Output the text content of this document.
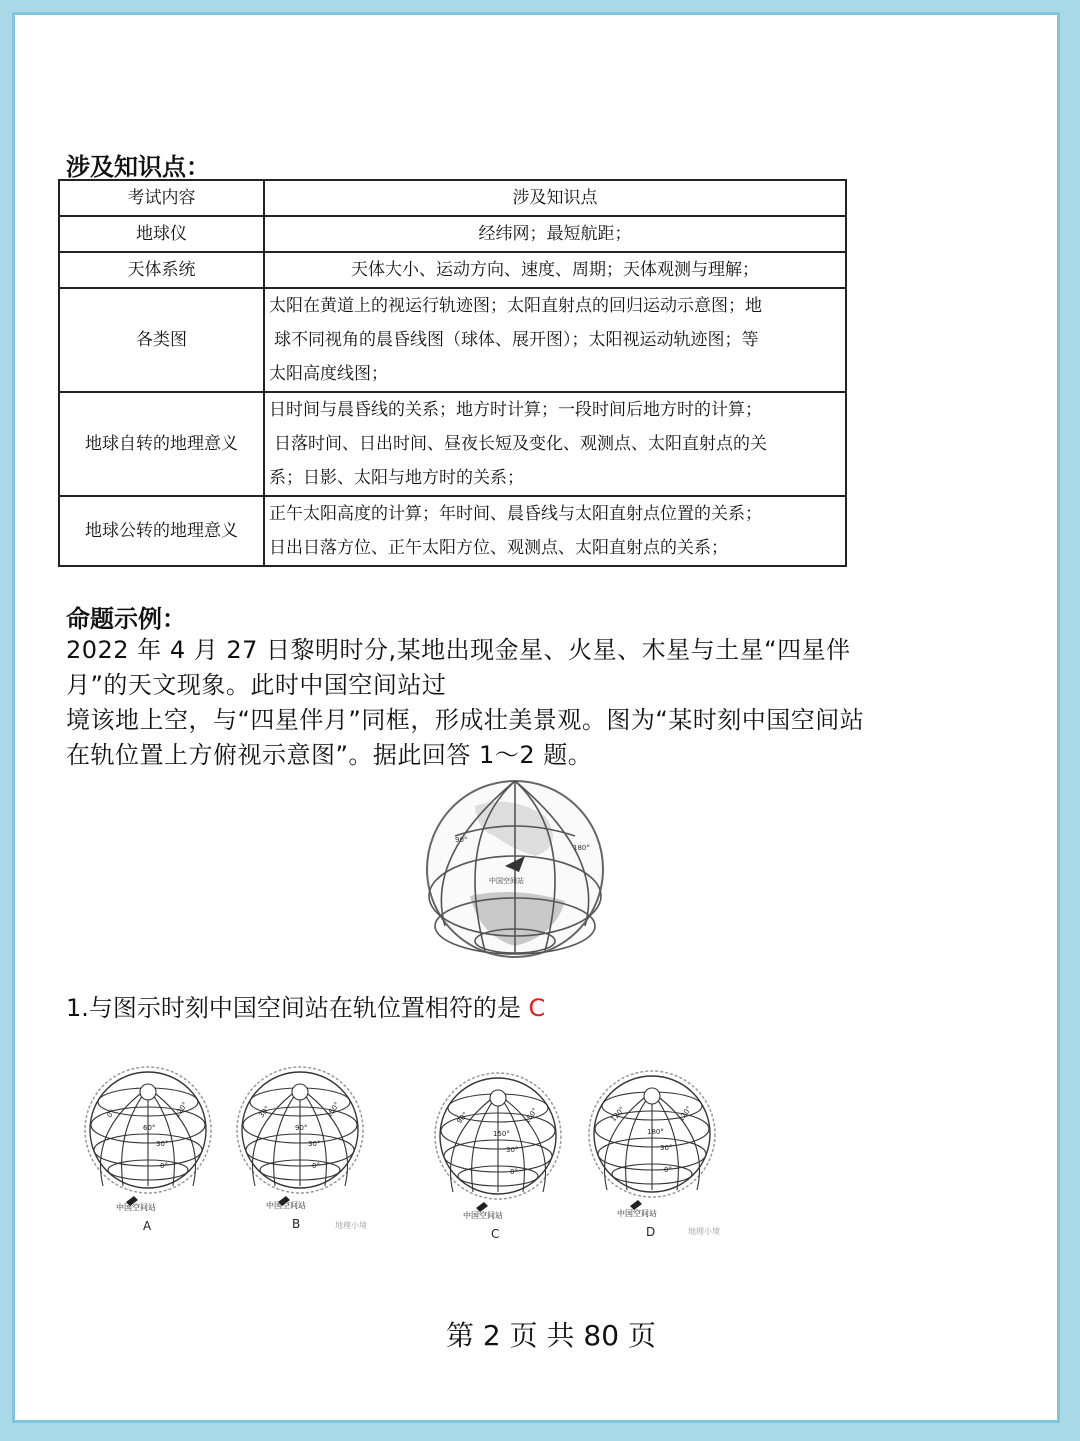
涉及知识点：
考试内容	涉及知识点
地球仪	经纬网；最短航距；
天体系统	天体大小、运动方向、速度、周期；天体观测与理解；
各类图	太阳在黄道上的视运行轨迹图；太阳直射点的回归运动示意图；地
球不同视角的晨昏线图（球体、展开图）；太阳视运动轨迹图；等
太阳高度线图；

地球自转的地理意义	日时间与晨昏线的关系；地方时计算；一段时间后地方时的计算；
日落时间、日出时间、昼夜长短及变化、观测点、太阳直射点的关
系；日影、太阳与地方时的关系；

地球公转的地理意义	正午太阳高度的计算；年时间、晨昏线与太阳直射点位置的关系；
日出日落方位、正午太阳方位、观测点、太阳直射点的关系；
命题示例：
2022 年 4 月 27 日黎明时分,某地出现金星、火星、木星与土星“四星伴
月”的天文现象。此时中国空间站过
境该地上空，与“四星伴月”同框，形成壮美景观。图为“某时刻中国空间站
在轨位置上方俯视示意图”。据此回答 1～2 题。
中国空间站
90°
180°
1.与图示时刻中国空间站在轨位置相符的是 C
0°
60°
120°
30°
0°
30°
90°
150°
30°
0°
90°
150°
150°
30°
0°
120°
180°
120°
30°
0°
中国空间站
A
中国空间站
B	地理小境
中国空间站
C
中国空间站
D	地理小境
第 2 页 共 80 页
